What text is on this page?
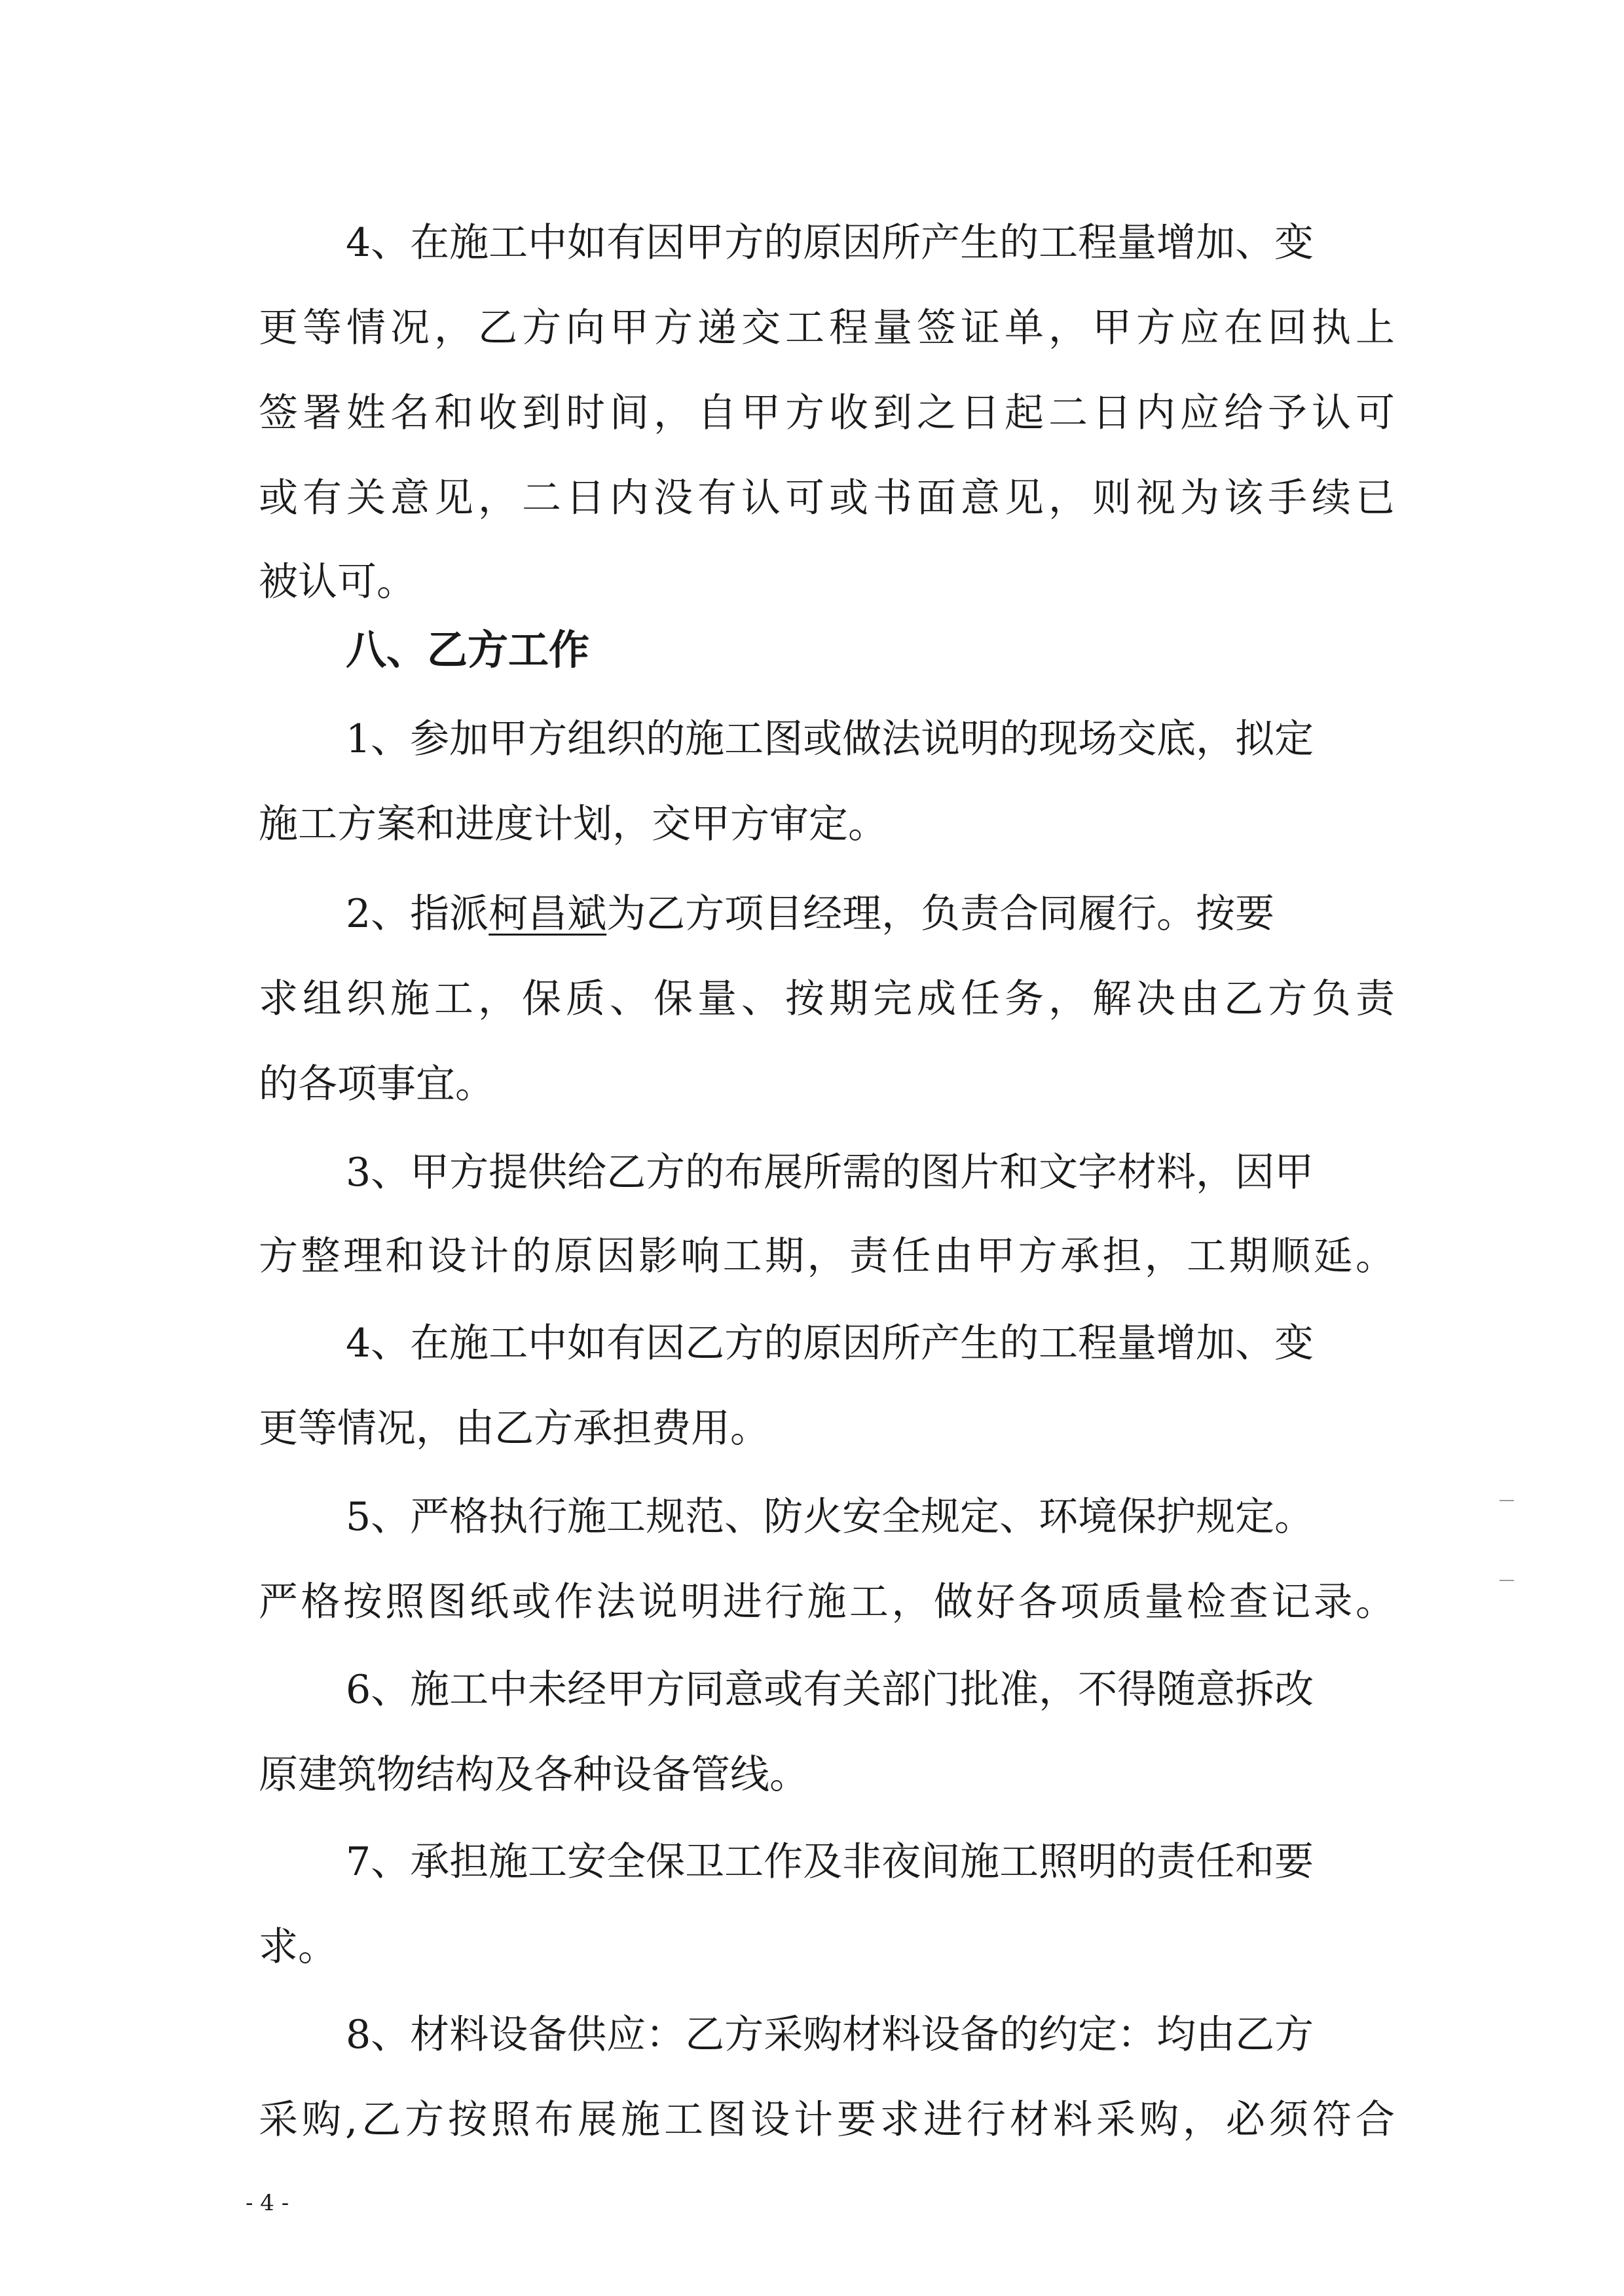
4、在施工中如有因甲方的原因所产生的工程量增加、变
更等情况，乙方向甲方递交工程量签证单，甲方应在回执上
签署姓名和收到时间，自甲方收到之日起二日内应给予认可
或有关意见，二日内没有认可或书面意见，则视为该手续已
被认可。
八、乙方工作
1、参加甲方组织的施工图或做法说明的现场交底，拟定
施工方案和进度计划，交甲方审定。
2、指派柯昌斌为乙方项目经理，负责合同履行。按要
求组织施工，保质、保量、按期完成任务，解决由乙方负责
的各项事宜。
3、甲方提供给乙方的布展所需的图片和文字材料，因甲
方整理和设计的原因影响工期，责任由甲方承担，工期顺延。
4、在施工中如有因乙方的原因所产生的工程量增加、变
更等情况，由乙方承担费用。
5、严格执行施工规范、防火安全规定、环境保护规定。
严格按照图纸或作法说明进行施工，做好各项质量检查记录。
6、施工中未经甲方同意或有关部门批准，不得随意拆改
原建筑物结构及各种设备管线。
7、承担施工安全保卫工作及非夜间施工照明的责任和要
求。
8、材料设备供应：乙方采购材料设备的约定：均由乙方
采购,乙方按照布展施工图设计要求进行材料采购，必须符合
- 4 -
